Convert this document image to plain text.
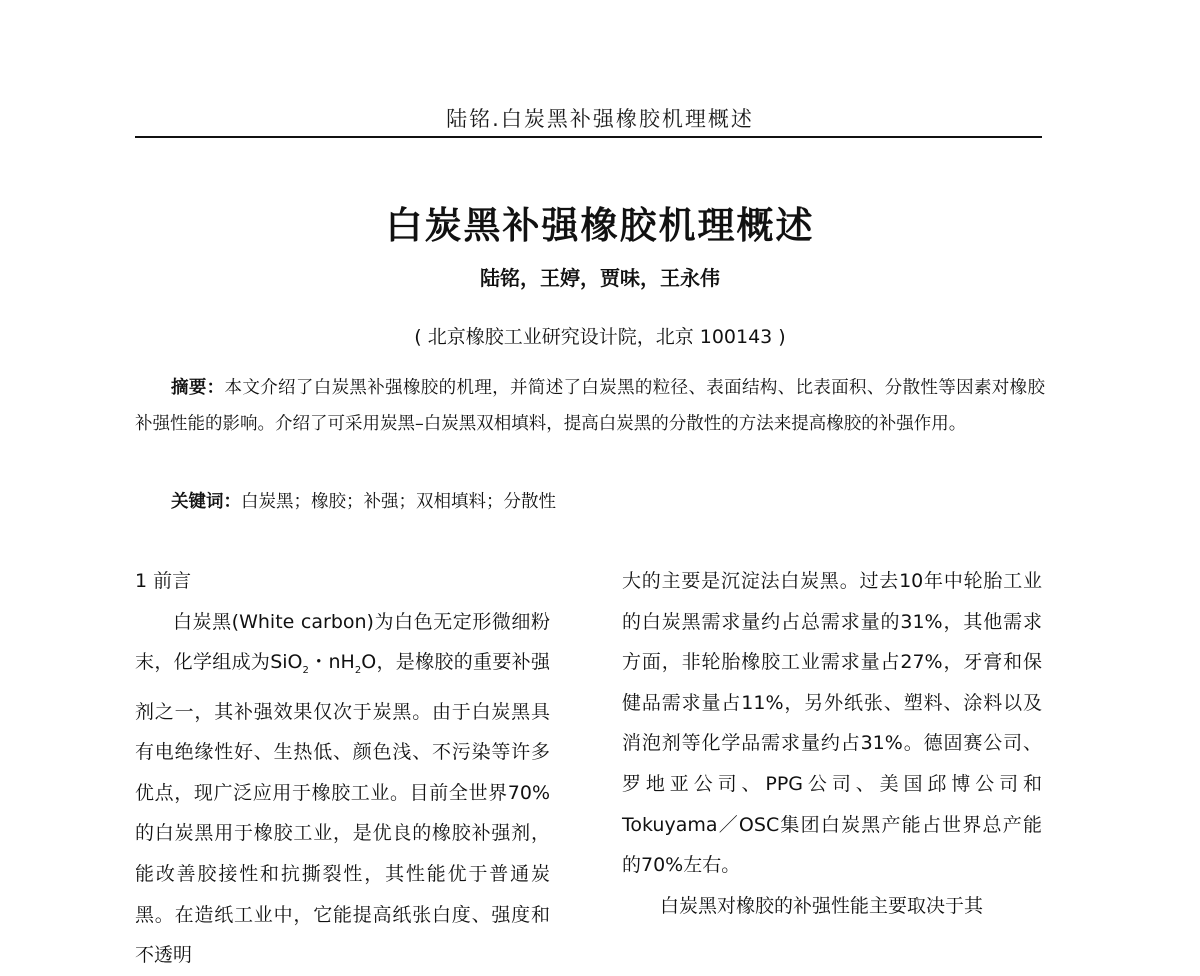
陆铭.白炭黑补强橡胶机理概述
白炭黑补强橡胶机理概述
陆铭，王婷，贾味，王永伟
( 北京橡胶工业研究设计院，北京 100143 )

摘要：本文介绍了白炭黑补强橡胶的机理，并简述了白炭黑的粒径、表面结构、比表面积、分散性等因素对橡胶补强性能的影响。介绍了可采用炭黑–白炭黑双相填料，提高白炭黑的分散性的方法来提高橡胶的补强作用。

关键词：白炭黑；橡胶；补强；双相填料；分散性

1 前言

白炭黑(White carbon)为白色无定形微细粉末，化学组成为SiO$_2$・$nH_2O$，是橡胶的重要补强剂之一，其补强效果仅次于炭黑。由于白炭黑具有电绝缘性好、生热低、颜色浅、不污染等许多优点，现广泛应用于橡胶工业。目前全世界70%的白炭黑用于橡胶工业，是优良的橡胶补强剂，能改善胶接性和抗撕裂性，其性能优于普通炭黑。在造纸工业中，它能提高纸张白度、强度和不透明

大的主要是沉淀法白炭黑。过去10年中轮胎工业的白炭黑需求量约占总需求量的31%，其他需求方面，非轮胎橡胶工业需求量占27%，牙膏和保健品需求量占11%，另外纸张、塑料、涂料以及消泡剂等化学品需求量约占31%。德固赛公司、罗地亚公司、PPG公司、美国邱博公司和Tokuyama／OSC集团白炭黑产能占世界总产能的70%左右。

白炭黑对橡胶的补强性能主要取决于其
